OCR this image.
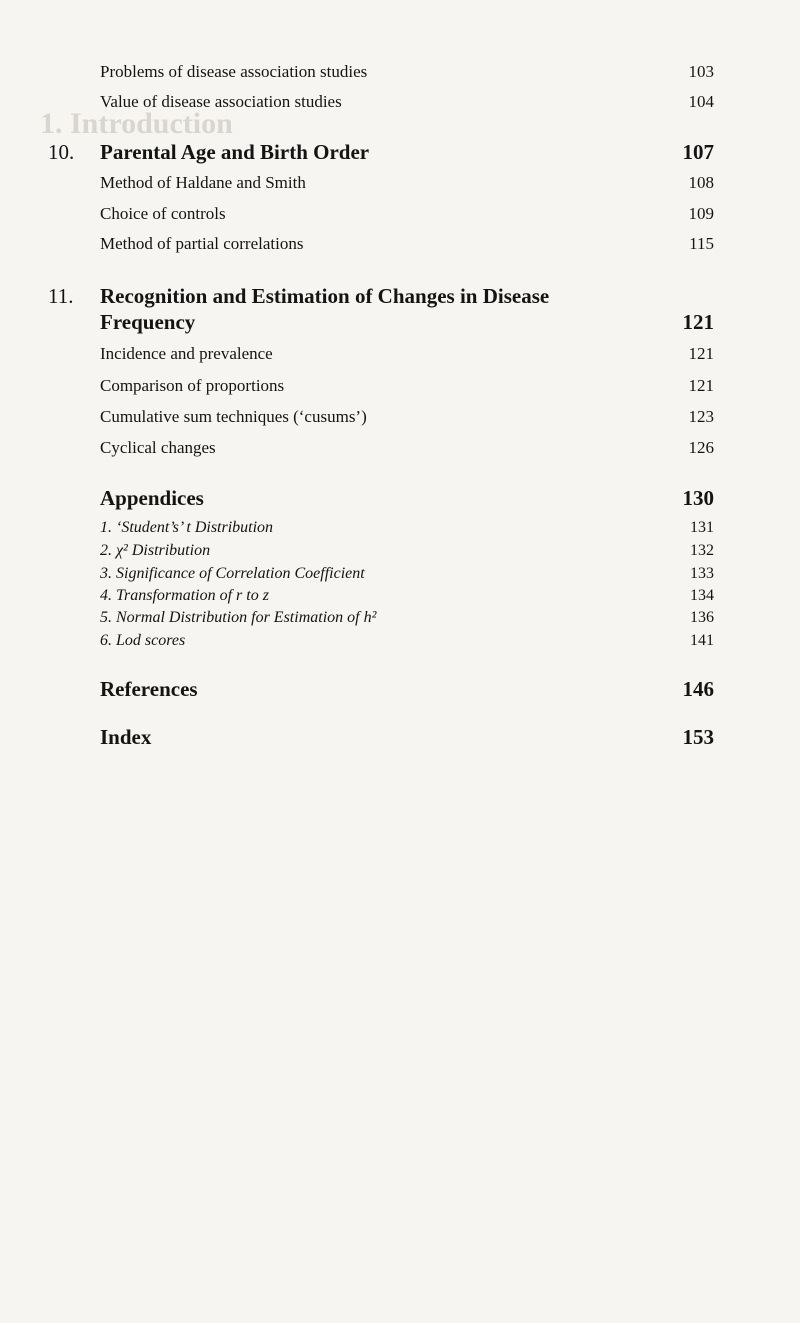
1. Introduction
Problems of disease association studies	103
Value of disease association studies	104
10. Parental Age and Birth Order	107
Method of Haldane and Smith	108
Choice of controls	109
Method of partial correlations	115
11. Recognition and Estimation of Changes in Disease
Frequency	121
Incidence and prevalence	121
Comparison of proportions	121
Cumulative sum techniques (‘cusums’)	123
Cyclical changes	126
Appendices	130
1. ‘Student’s’ t Distribution	131
2. χ² Distribution	132
3. Significance of Correlation Coefficient	133
4. Transformation of r to z	134
5. Normal Distribution for Estimation of h²	136
6. Lod scores	141
References	146
Index	153
